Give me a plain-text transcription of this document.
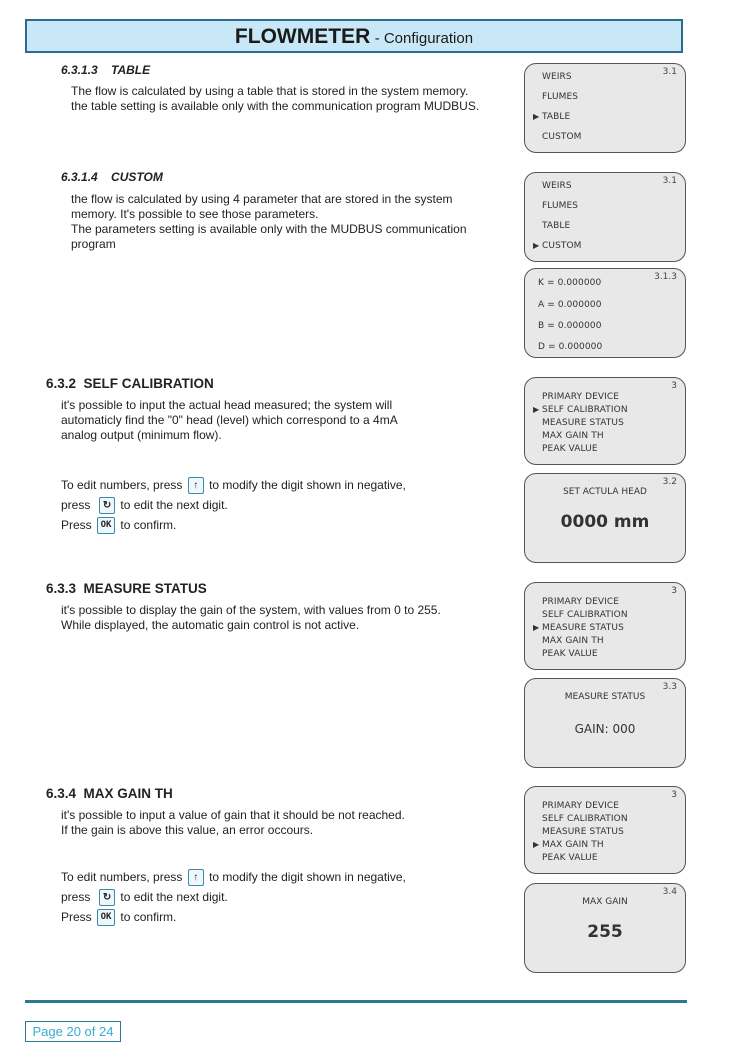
FLOWMETER - Configuration
6.3.1.3    TABLE

The flow is calculated by using a table that is stored in the system memory.

the table setting is available only with the communication program MUDBUS.

3.1
WEIRS
FLUMES
▶ TABLE
CUSTOM
6.3.1.4    CUSTOM

the flow is calculated by using 4 parameter that are stored in the system

memory. It's possible to see those parameters.

The parameters setting is available only with the MUDBUS communication

program

3.1
WEIRS
FLUMES
TABLE
▶ CUSTOM
3.1.3
K = 0.000000
A = 0.000000
B = 0.000000
D = 0.000000
6.3.2  SELF CALIBRATION

it's possible to input the actual head measured; the system will

automaticly find the "0" head (level) which correspond to a 4mA

analog output (minimum flow).

To edit numbers, press ↑ to modify the digit shown in negative,

press ↻ to edit the next digit.

Press OK to confirm.

3
PRIMARY DEVICE
▶ SELF CALIBRATION
MEASURE STATUS
MAX GAIN TH
PEAK VALUE
3.2
SET ACTULA HEAD
0000 mm
6.3.3  MEASURE STATUS

it's possible to display the gain of the system, with values from 0 to 255.

While displayed, the automatic gain control is not active.

3
PRIMARY DEVICE
SELF CALIBRATION
▶ MEASURE STATUS
MAX GAIN TH
PEAK VALUE
3.3
MEASURE STATUS
GAIN: 000
6.3.4  MAX GAIN TH

it's possible to input a value of gain that it should be not reached.

If the gain is above this value, an error occours.

To edit numbers, press ↑ to modify the digit shown in negative,

press ↻ to edit the next digit.

Press OK to confirm.

3
PRIMARY DEVICE
SELF CALIBRATION
MEASURE STATUS
▶ MAX GAIN TH
PEAK VALUE
3.4
MAX GAIN
255
Page 20 of 24
